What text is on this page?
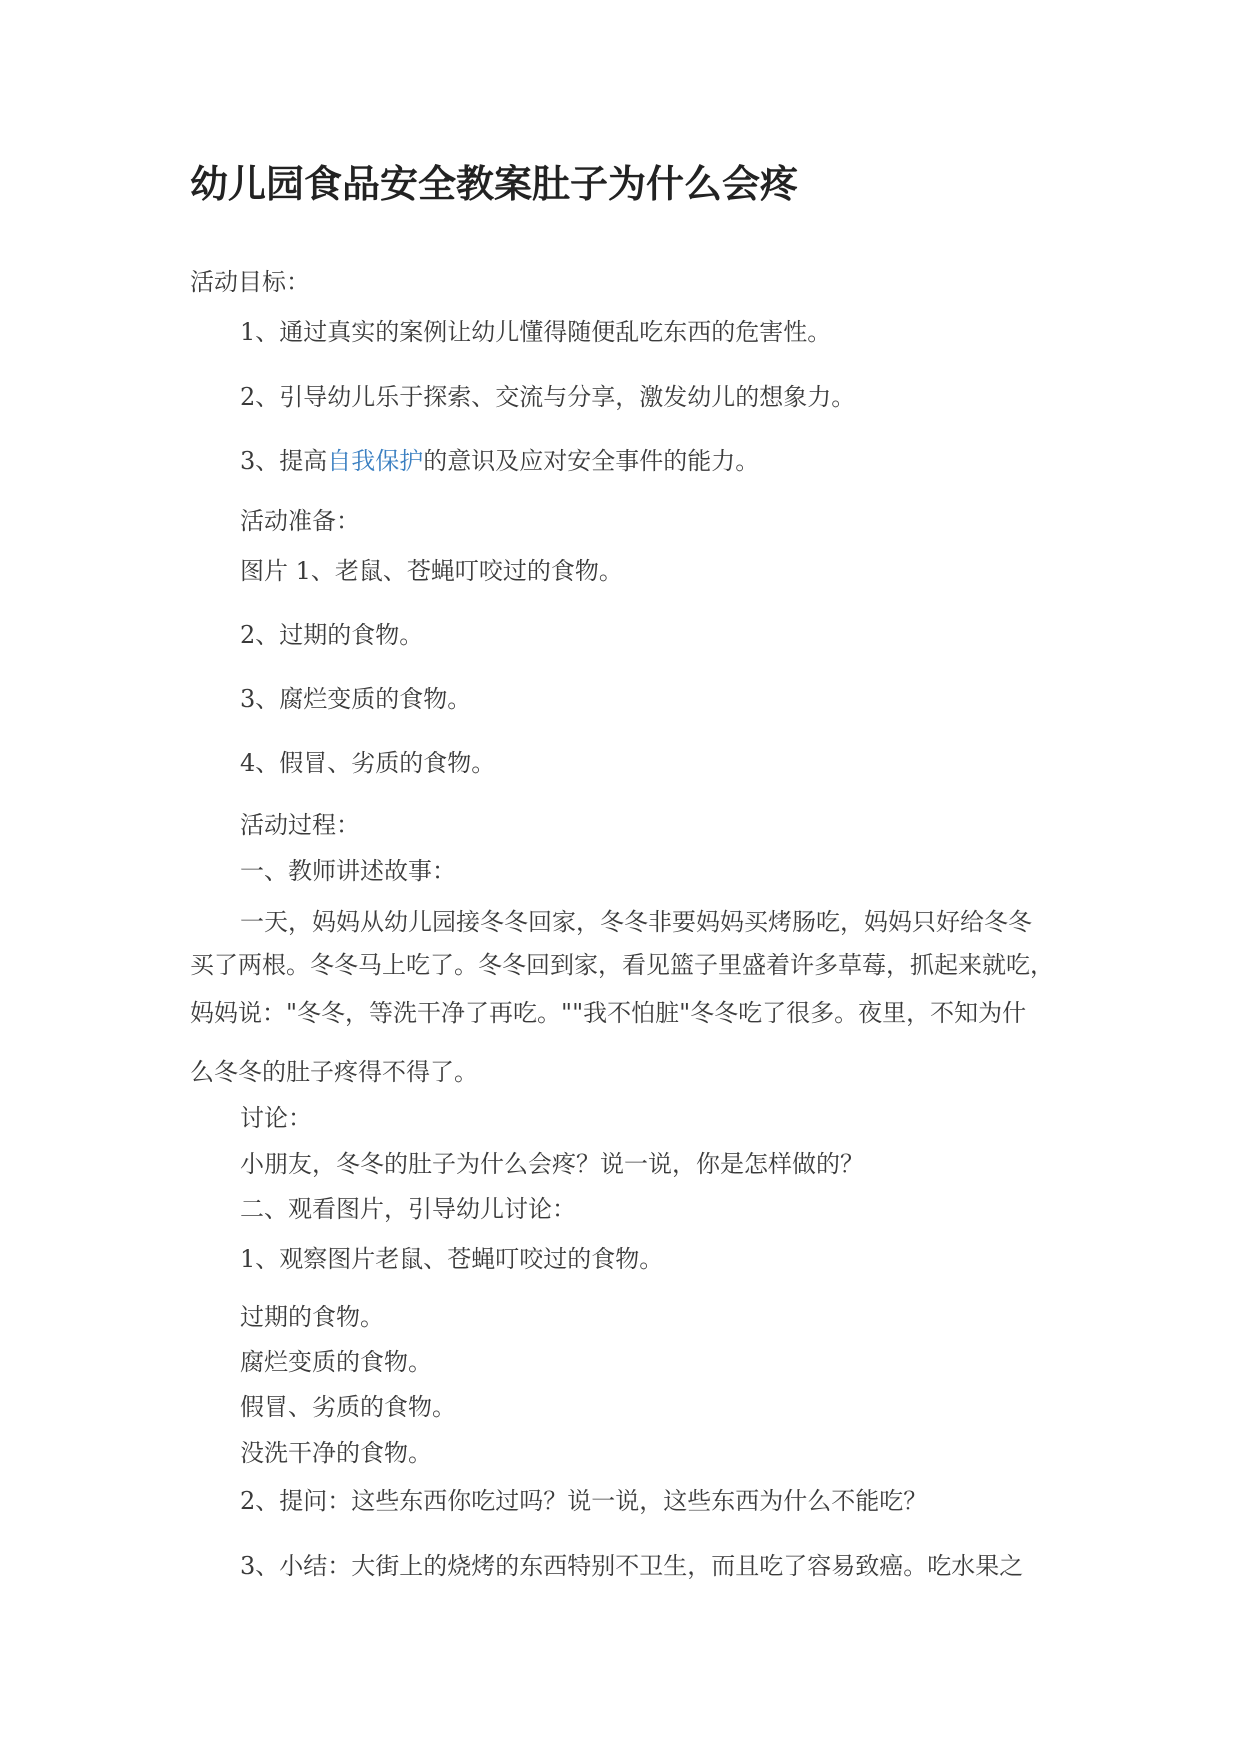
幼儿园食品安全教案肚子为什么会疼
活动目标：
1、通过真实的案例让幼儿懂得随便乱吃东西的危害性。
2、引导幼儿乐于探索、交流与分享，激发幼儿的想象力。
3、提高自我保护的意识及应对安全事件的能力。
活动准备：
图片 1、老鼠、苍蝇叮咬过的食物。
2、过期的食物。
3、腐烂变质的食物。
4、假冒、劣质的食物。
活动过程：
一、教师讲述故事：
一天，妈妈从幼儿园接冬冬回家，冬冬非要妈妈买烤肠吃，妈妈只好给冬冬
买了两根。冬冬马上吃了。冬冬回到家，看见篮子里盛着许多草莓，抓起来就吃，
妈妈说："冬冬，等洗干净了再吃。""我不怕脏"冬冬吃了很多。夜里，不知为什
么冬冬的肚子疼得不得了。
讨论：
小朋友，冬冬的肚子为什么会疼？说一说，你是怎样做的？
二、观看图片，引导幼儿讨论：
1、观察图片老鼠、苍蝇叮咬过的食物。
过期的食物。
腐烂变质的食物。
假冒、劣质的食物。
没洗干净的食物。
2、提问：这些东西你吃过吗？说一说，这些东西为什么不能吃？
3、小结：大街上的烧烤的东西特别不卫生，而且吃了容易致癌。吃水果之
